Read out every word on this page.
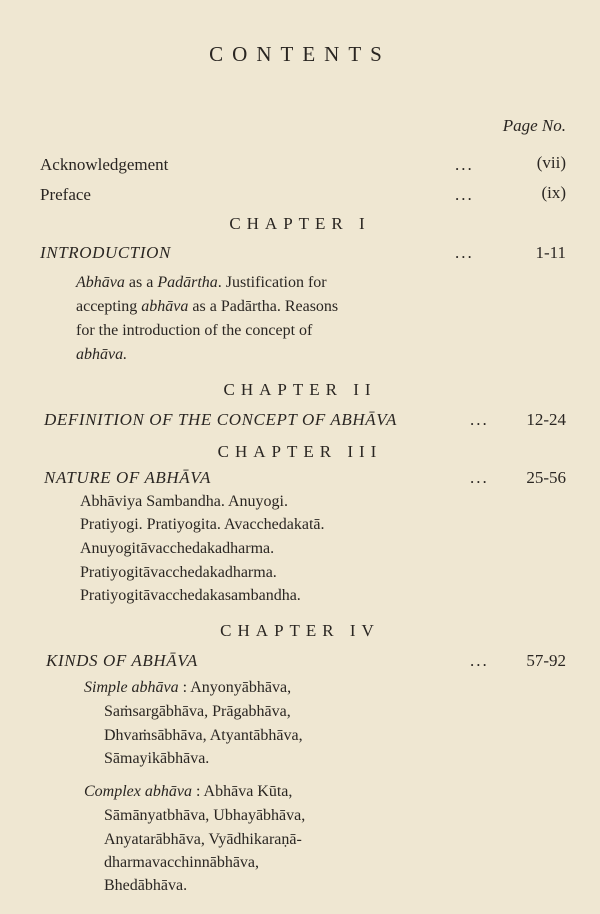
CONTENTS
Page No.
Acknowledgement	...	(vii)
Preface	...	(ix)
CHAPTER I
INTRODUCTION	...	1-11
Abhāva as a Padārtha. Justification for
accepting abhāva as a Padārtha. Reasons
for the introduction of the concept of
abhāva.
CHAPTER II
DEFINITION OF THE CONCEPT OF ABHĀVA	... 12-24
CHAPTER III
NATURE OF ABHĀVA	... 25-56
Abhāviya Sambandha. Anuyogi.
Pratiyogi. Pratiyogita. Avacchedakatā.
Anuyogitāvacchedakadharma.
Pratiyogitāvacchedakadharma.
Pratiyogitāvacchedakasambandha.
CHAPTER IV
KINDS OF ABHĀVA	... 57-92
Simple abhāva : Anyonyābhāva,
Saṁsargābhāva, Prāgabhāva,
Dhvaṁsābhāva, Atyantābhāva,
Sāmayikābhāva.
Complex abhāva : Abhāva Kūta,
Sāmānyatbhāva, Ubhayābhāva,
Anyatarābhāva, Vyādhikaraṇā-
dharmavacchinnābhāva,
Bhedābhāva.
